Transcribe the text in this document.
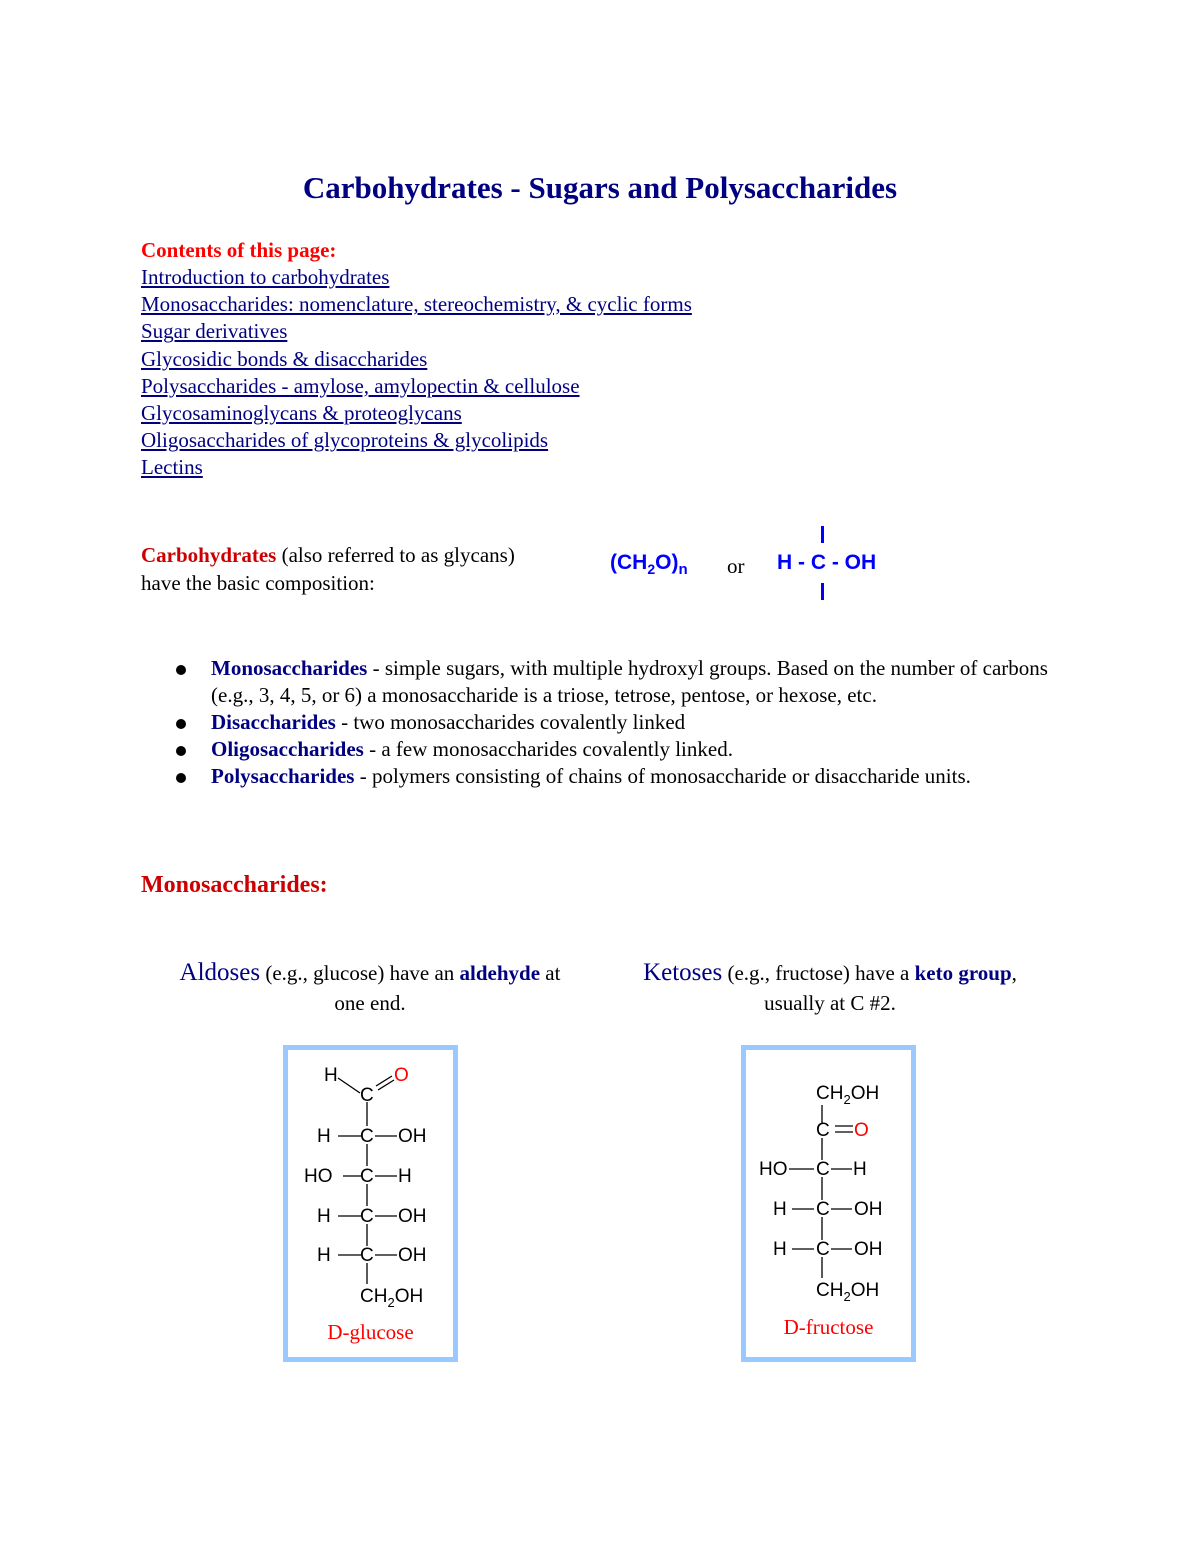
Carbohydrates - Sugars and Polysaccharides
Contents of this page:
Introduction to carbohydrates
Monosaccharides: nomenclature, stereochemistry, & cyclic forms
Sugar derivatives
Glycosidic bonds & disaccharides
Polysaccharides - amylose, amylopectin & cellulose
Glycosaminoglycans & proteoglycans
Oligosaccharides of glycoproteins & glycolipids
Lectins
Carbohydrates (also referred to as glycans)
have the basic composition:
$(CH_2O)_n$ or H - C - OH
Monosaccharides - simple sugars, with multiple hydroxyl groups. Based on the number of carbons (e.g., 3, 4, 5, or 6) a monosaccharide is a triose, tetrose, pentose, or hexose, etc.
Disaccharides - two monosaccharides covalently linked
Oligosaccharides - a few monosaccharides covalently linked.
Polysaccharides - polymers consisting of chains of monosaccharide or disaccharide units.
Monosaccharides:
Aldoses (e.g., glucose) have an aldehyde at
one end.
Ketoses (e.g., fructose) have a keto group,
usually at C #2.
H
C
O
H C OH
HO C H
H C OH
H C OH
$CH_2OH$
D-glucose
$CH_2OH$
C O
HO C H
H C OH
H C OH
$CH_2OH$
D-fructose
